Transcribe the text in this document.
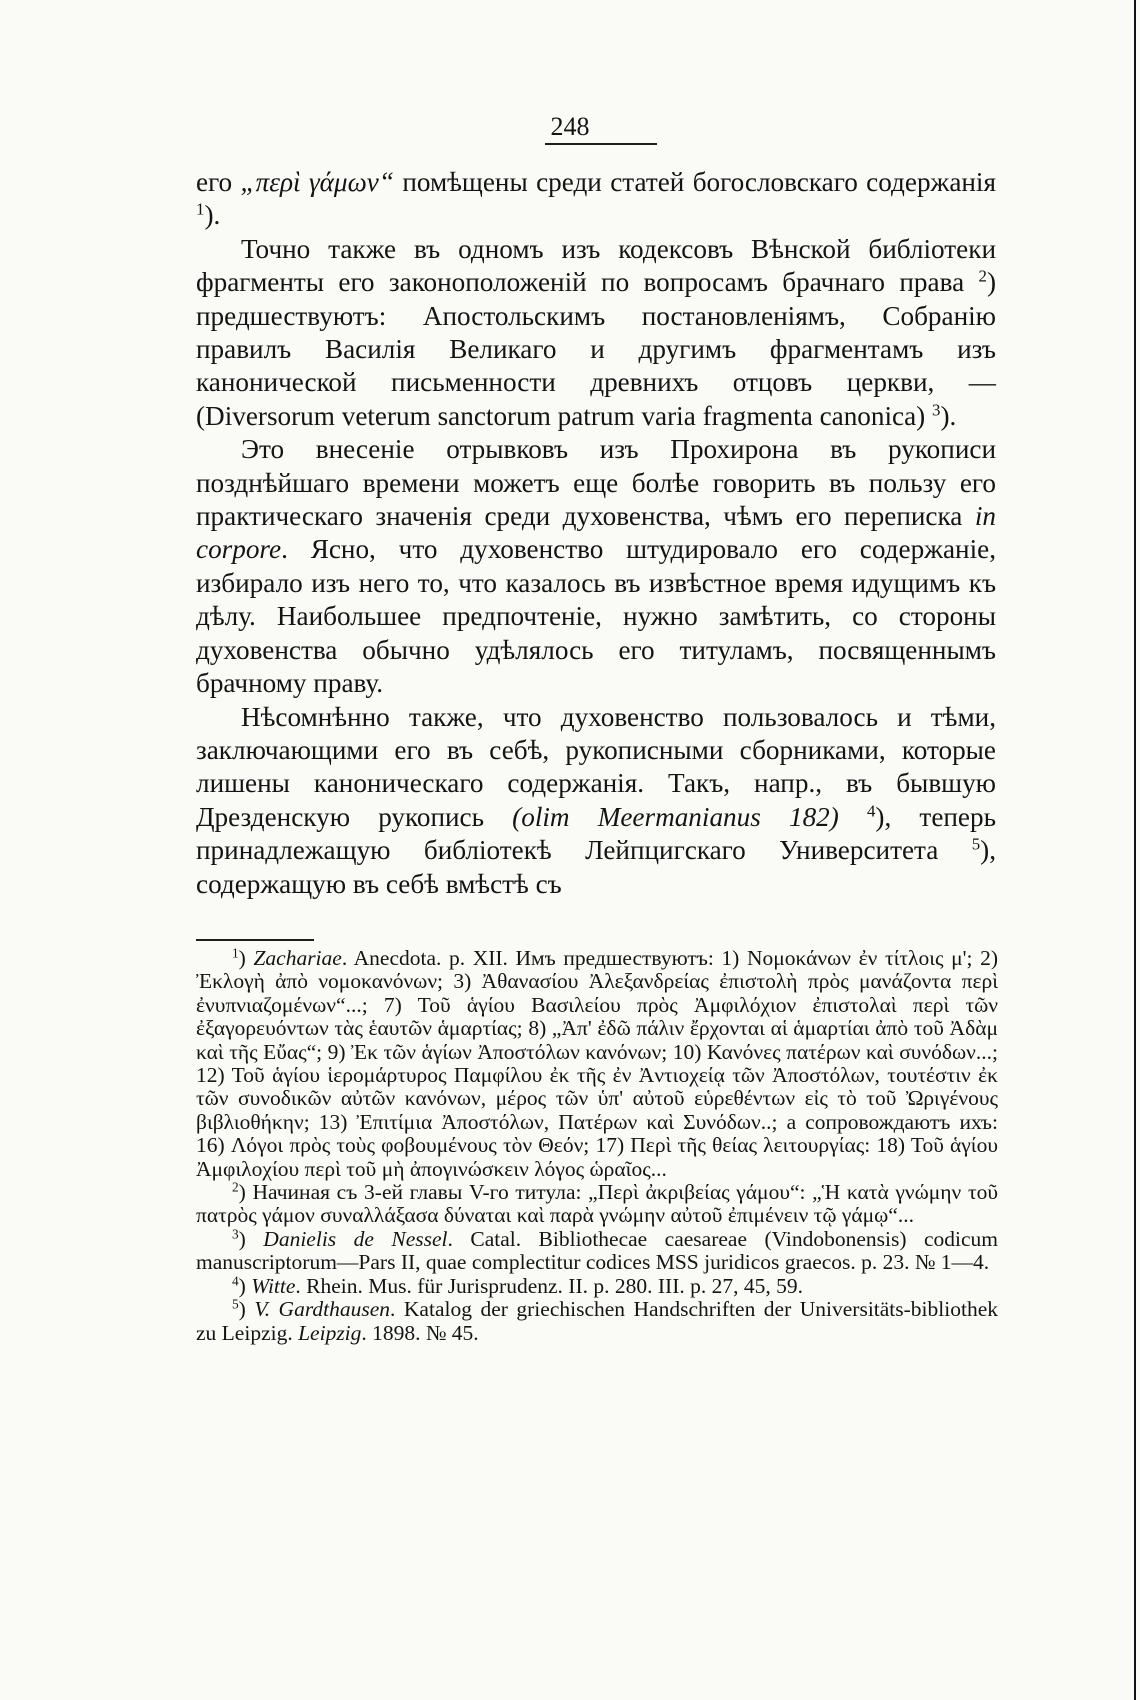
248

его „περὶ γάμων“ помѣщены среди статей богословскаго содержанія $^1$).

Точно также въ одномъ изъ кодексовъ Вѣнской библіотеки фрагменты его законоположеній по вопросамъ брачнаго права $^2$) предшествуютъ: Апостольскимъ постановленіямъ, Собранію правилъ Василія Великаго и другимъ фрагментамъ изъ канонической письменности древнихъ отцовъ церкви, — (Diversorum veterum sanctorum patrum varia fragmenta canonica) $^3$).

Это внесеніе отрывковъ изъ Прохирона въ рукописи позднѣйшаго времени можетъ еще болѣе говорить въ пользу его практическаго значенія среди духовенства, чѣмъ его переписка in corpore. Ясно, что духовенство штудировало его содержаніе, избирало изъ него то, что казалось въ извѣстное время идущимъ къ дѣлу. Наибольшее предпочтеніе, нужно замѣтить, со стороны духовенства обычно удѣлялось его титуламъ, посвященнымъ брачному праву.

Нѣсомнѣнно также, что духовенство пользовалось и тѣми, заключающими его въ себѣ, рукописными сборниками, которые лишены каноническаго содержанія. Такъ, напр., въ бывшую Дрезденскую рукопись (olim Meermanianus 182) $^4$), теперь принадлежащую библіотекѣ Лейпцигскаго Университета $^5$), содержащую въ себѣ вмѣстѣ съ

$^1$) Zachariae. Anecdota. p. XII. Имъ предшествуютъ: 1) Νομοκάνων ἐν τίτλοις μ'; 2) Ἐκλογὴ ἀπὸ νομοκανόνων; 3) Ἀθανασίου Ἀλεξανδρείας ἐπιστολὴ πρὸς μανάζοντα περὶ ἐνυπνιαζομένων“...; 7) Τοῦ ἁγίου Βασιλείου πρὸς Ἀμφιλόχιον ἐπιστολαὶ περὶ τῶν ἐξαγορευόντων τὰς ἑαυτῶν ἁμαρτίας; 8) „Ἀπ' ἐδῶ πάλιν ἔρχονται αἱ ἁμαρτίαι ἀπὸ τοῦ Ἀδὰμ καὶ τῆς Εὔας“; 9) Ἐκ τῶν ἁγίων Ἀποστόλων κανόνων; 10) Κανόνες πατέρων καὶ συνόδων...; 12) Τοῦ ἁγίου ἱερομάρτυρος Παμφίλου ἐκ τῆς ἐν Ἀντιοχείᾳ τῶν Ἀποστόλων, τουτέστιν ἐκ τῶν συνοδικῶν αὐτῶν κανόνων, μέρος τῶν ὑπ' αὐτοῦ εὑρεθέντων εἰς τὸ τοῦ Ὠριγένους βιβλιοθήκην; 13) Ἐπιτίμια Ἀποστόλων, Πατέρων καὶ Συνόδων..; а сопровождаютъ ихъ: 16) Λόγοι πρὸς τοὺς φοβουμένους τὸν Θεόν; 17) Περὶ τῆς θείας λειτουργίας: 18) Τοῦ ἁγίου Ἀμφιλοχίου περὶ τοῦ μὴ ἀπογινώσκειν λόγος ὡραῖος...

$^2$) Начиная съ 3-ей главы V-го титула: „Περὶ ἀκριβείας γάμου“: „Ἡ κατὰ γνώμην τοῦ πατρὸς γάμον συναλλάξασα δύναται καὶ παρὰ γνώμην αὐτοῦ ἐπιμένειν τῷ γάμῳ“...

$^3$) Danielis de Nessel. Catal. Bibliothecae caesareae (Vindobonensis) codicum manuscriptorum—Pars II, quae complectitur codices MSS juridicos graecos. p. 23. № 1—4.

$^4$) Witte. Rhein. Mus. für Jurisprudenz. II. p. 280. III. p. 27, 45, 59.

$^5$) V. Gardthausen. Katalog der griechischen Handschriften der Universitäts-bibliothek zu Leipzig. Leipzig. 1898. № 45.
